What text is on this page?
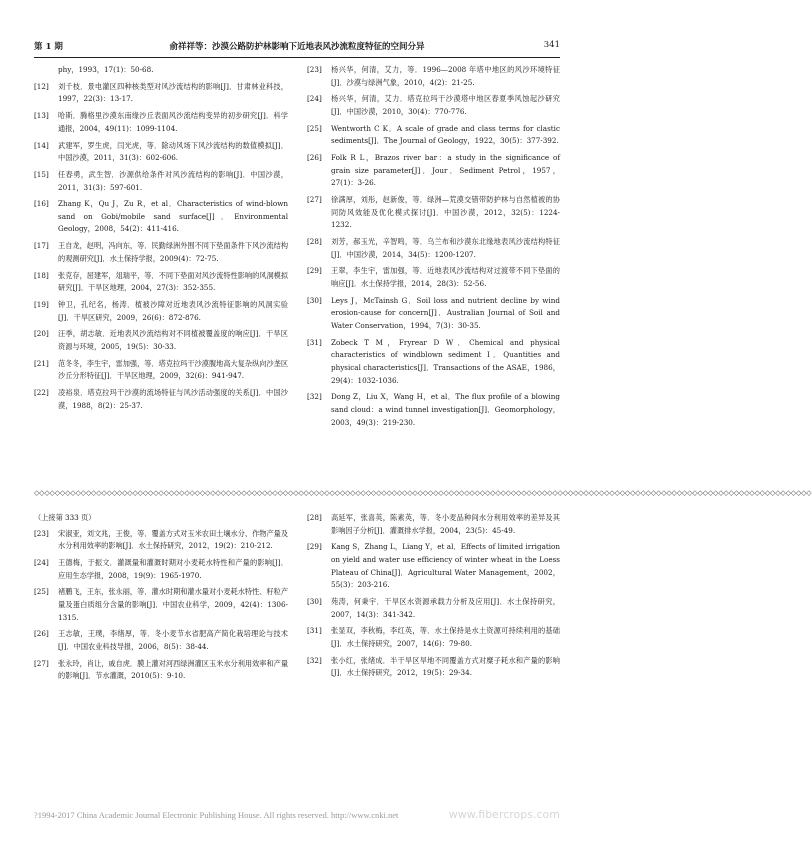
第 1 期	俞祥祥等：沙漠公路防护林影响下近地表风沙流粒度特征的空间分异	341
phy，1993，17(1)：50-68.
[12]	刘千枝．景电灌区四种核类型对风沙流结构的影响[J]．甘肃林业科技，1997，22(3)：13-17.
[13]	哈斯．腾格里沙漠东南缘沙丘表面风沙流结构变异的初步研究[J]．科学通报，2004，49(11)：1099-1104.
[14]	武建军，罗生虎，闫光虎，等．除动风场下风沙流结构的数值模拟[J]．中国沙漠，2011，31(3)：602-606.
[15]	任春勇，武生智．沙源供给条件对风沙流结构的影响[J]．中国沙漠，2011，31(3)：597-601.
[16]	Zhang K，Qu J，Zu R，et al．Characteristics of wind-blown sand on Gobi/mobile sand surface[J]．Environmental Geology，2008，54(2)：411-416.
[17]	王自龙，赵明，冯向东，等．民勤绿洲外围不同下垫面条件下风沙流结构的观测研究[J]．水土保持学报，2009(4)：72-75.
[18]	张克存，屈建军，俎瑞平，等．不同下垫面对风沙流特性影响的风洞模拟研究[J]．干旱区地理，2004，27(3)：352-355.
[19]	钟卫，孔纪名，杨涛．植被沙障对近地表风沙流特征影响的风洞实验[J]．干旱区研究，2009，26(6)：872-876.
[20]	汪季，胡志敏．近地表风沙流结构对不同植被覆盖度的响应[J]．干旱区资源与环境，2005，19(5)：30-33.
[21]	范冬冬，李生宇，雷加强，等．塔克拉玛干沙漠腹地高大复杂纵向沙垄区沙丘分形特征[J]．干旱区地理，2009，32(6)：941-947.
[22]	凌裕泉．塔克拉玛干沙漠的流场特征与风沙活动强度的关系[J]．中国沙漠，1988，8(2)：25-37.
[23]	杨兴华，何清，艾力，等．1996—2008 年塔中地区的风沙环境特征[J]．沙漠与绿洲气象，2010，4(2)：21-25.
[24]	杨兴华，何清，艾力．塔克拉玛干沙漠塔中地区春夏季风蚀起沙研究[J]．中国沙漠，2010，30(4)：770-776.
[25]	Wentworth C K．A scale of grade and class terms for clastic sediments[J]．The Journal of Geology，1922，30(5)：377-392.
[26]	Folk R L，Brazos river bar：a study in the significance of grain size parameter[J]．Jour．Sediment Petrol，1957，27(1)：3-26.
[27]	徐满厚，刘彤，赵新俊，等．绿洲—荒漠交错带防护林与自然植被的协同防风效能及优化模式探讨[J]．中国沙漠，2012，32(5)：1224-1232.
[28]	刘芳，郝玉光，辛智鸣，等．乌兰布和沙漠东北缘地表风沙流结构特征[J]．中国沙漠，2014，34(5)：1200-1207.
[29]	王翠，李生宇，雷加强，等．近地表风沙流结构对过渡带不同下垫面的响应[J]．水土保持学报，2014，28(3)：52-56.
[30]	Leys J，McTainsh G．Soil loss and nutrient decline by wind erosion-cause for concern[J]．Australian Journal of Soil and Water Conservation，1994，7(3)：30-35.
[31]	Zobeck T M，Fryrear D W．Chemical and physical characteristics of windblown sediment I．Quantities and physical characteristics[J]．Transactions of the ASAE，1986，29(4)：1032-1036.
[32]	Dong Z，Liu X，Wang H，et al．The flux profile of a blowing sand cloud：a wind tunnel investigation[J]．Geomorphology，2003，49(3)：219-230.
◇◇◇◇◇◇◇◇◇◇◇◇◇◇◇◇◇◇◇◇◇◇◇◇◇◇◇◇◇◇◇◇◇◇◇◇◇◇◇◇◇◇◇◇◇◇◇◇◇◇◇◇◇◇◇◇◇◇◇◇◇◇◇◇◇◇◇◇◇◇◇◇◇◇◇◇◇◇◇◇◇◇◇◇◇◇◇◇◇◇◇◇◇◇◇◇◇◇◇◇◇◇◇◇◇◇◇◇◇◇◇◇◇◇◇◇◇◇◇◇◇◇◇◇◇◇◇◇◇◇◇◇◇◇◇◇◇◇◇◇◇◇◇◇◇◇◇◇◇◇
（上接第 333 页）
[23]	宋淑亚，刘文兆，王俊，等．覆盖方式对玉米农田土壤水分、作物产量及水分利用效率的影响[J]．水土保持研究，2012，19(2)：210-212.
[24]	王德梅，于振文．灌溉量和灌溉时期对小麦耗水特性和产量的影响[J]．应用生态学报，2008，19(9)：1965-1970.
[25]	褚鹏飞，王东，张永丽，等．灌水时期和灌水量对小麦耗水特性、籽粒产量及蛋白质组分含量的影响[J]．中国农业科学，2009，42(4)：1306-1315.
[26]	王志敏，王璞，李绪厚，等．冬小麦节水省肥高产简化栽培理论与技术[J]．中国农业科技导报，2006，8(5)：38-44.
[27]	张永玲，肖让，戚自虎．膜上灌对河西绿洲灌区玉米水分利用效率和产量的影响[J]．节水灌溉，2010(5)：9-10.
[28]	高延军，张喜英，陈素英，等．冬小麦品种间水分利用效率的差异及其影响因子分析[J]．灌溉排水学报，2004，23(5)：45-49.
[29]	Kang S，Zhang L，Liang Y，et al．Effects of limited irrigation on yield and water use efficiency of winter wheat in the Loess Plateau of China[J]．Agricultural Water Management，2002，55(3)：203-216.
[30]	苑涛，何秉宇．干旱区水资源承载力分析及应用[J]．水土保持研究，2007，14(3)：341-342.
[31]	张显双，李秋梅，李红英，等．水土保持是水土资源可持续利用的基础[J]．水土保持研究，2007，14(6)：79-80.
[32]	张小红，张绪成．半干旱区旱地不同覆盖方式对糜子耗水和产量的影响[J]．水土保持研究，2012，19(5)：29-34.
?1994-2017 China Academic Journal Electronic Publishing House. All rights reserved. http://www.cnki.net	www.fibercrops.com
